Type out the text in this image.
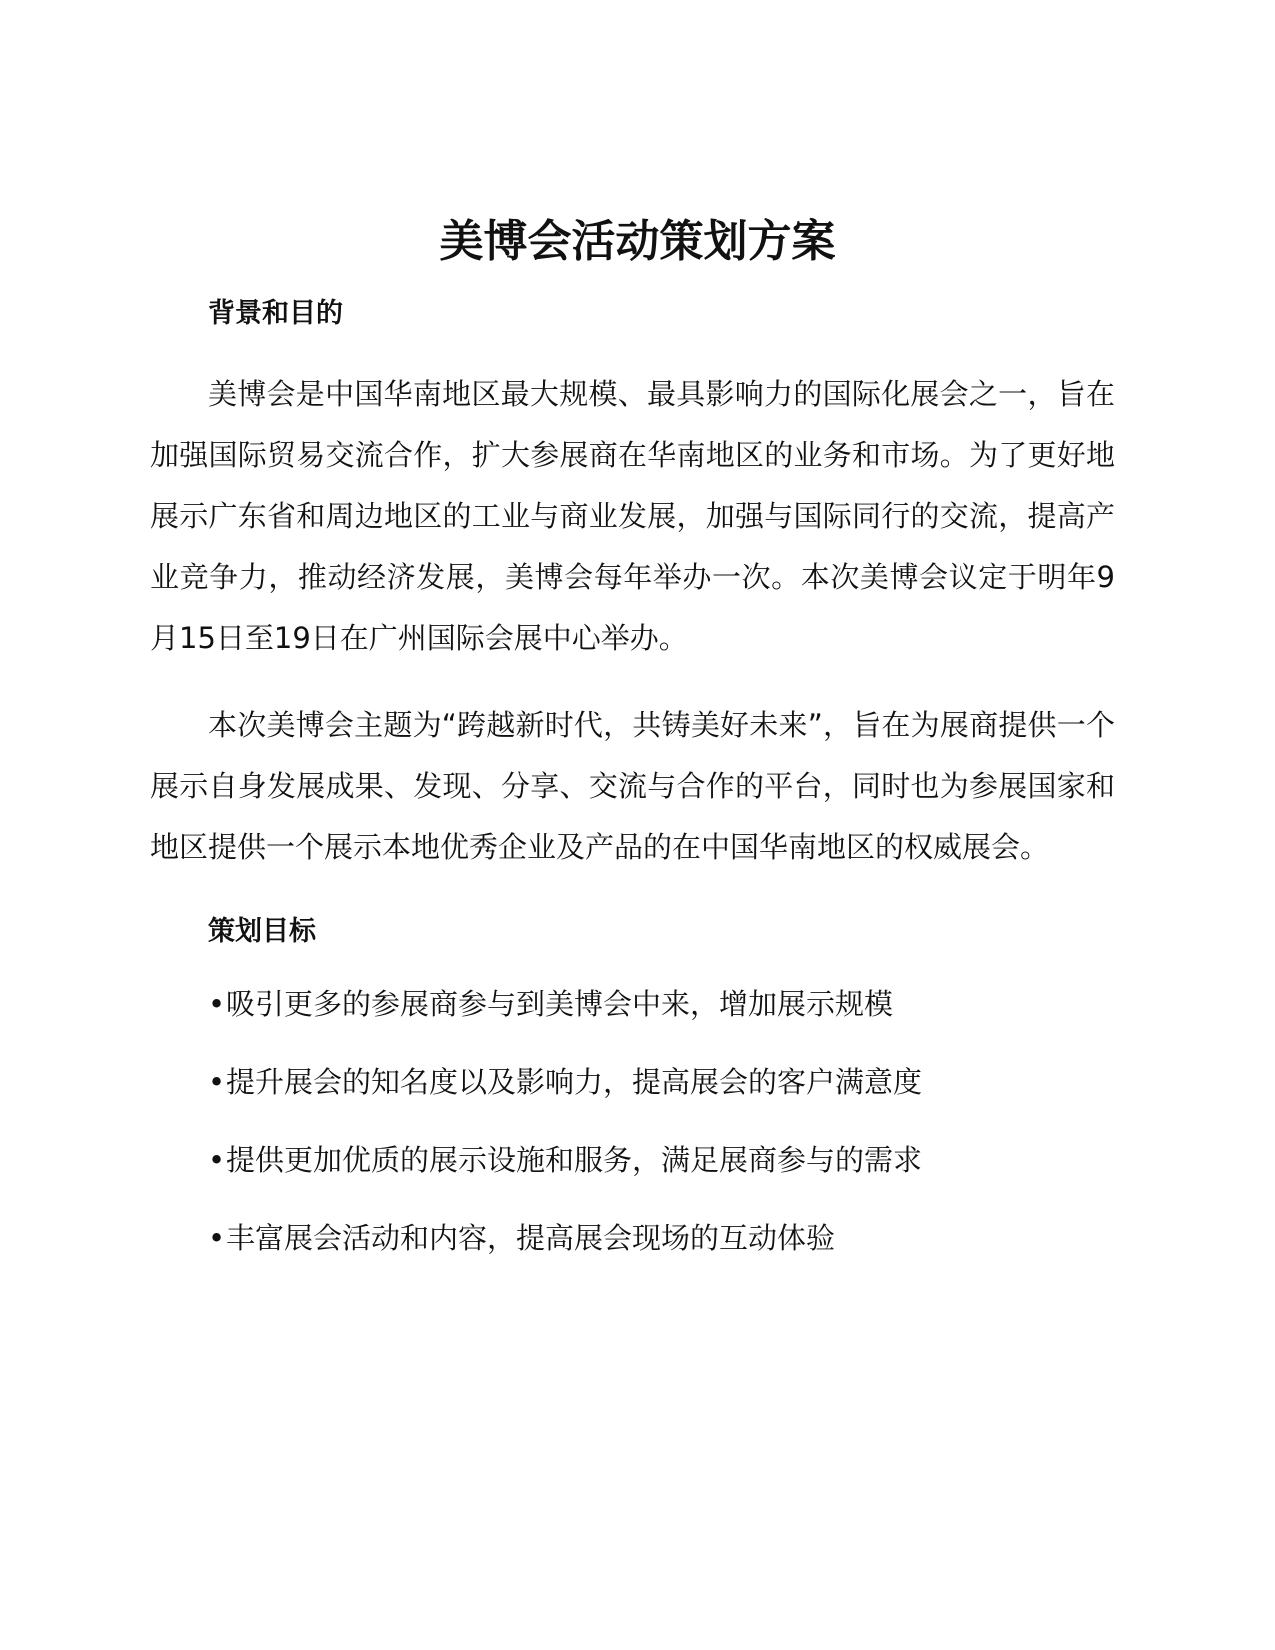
美博会活动策划方案
背景和目的

美博会是中国华南地区最大规模、最具影响力的国际化展会之一，旨在加强国际贸易交流合作，扩大参展商在华南地区的业务和市场。为了更好地展示广东省和周边地区的工业与商业发展，加强与国际同行的交流，提高产业竞争力，推动经济发展，美博会每年举办一次。本次美博会议定于明年9月15日至19日在广州国际会展中心举办。

本次美博会主题为“跨越新时代，共铸美好未来”，旨在为展商提供一个展示自身发展成果、发现、分享、交流与合作的平台，同时也为参展国家和地区提供一个展示本地优秀企业及产品的在中国华南地区的权威展会。

策划目标
•吸引更多的参展商参与到美博会中来，增加展示规模
•提升展会的知名度以及影响力，提高展会的客户满意度
•提供更加优质的展示设施和服务，满足展商参与的需求
•丰富展会活动和内容，提高展会现场的互动体验
